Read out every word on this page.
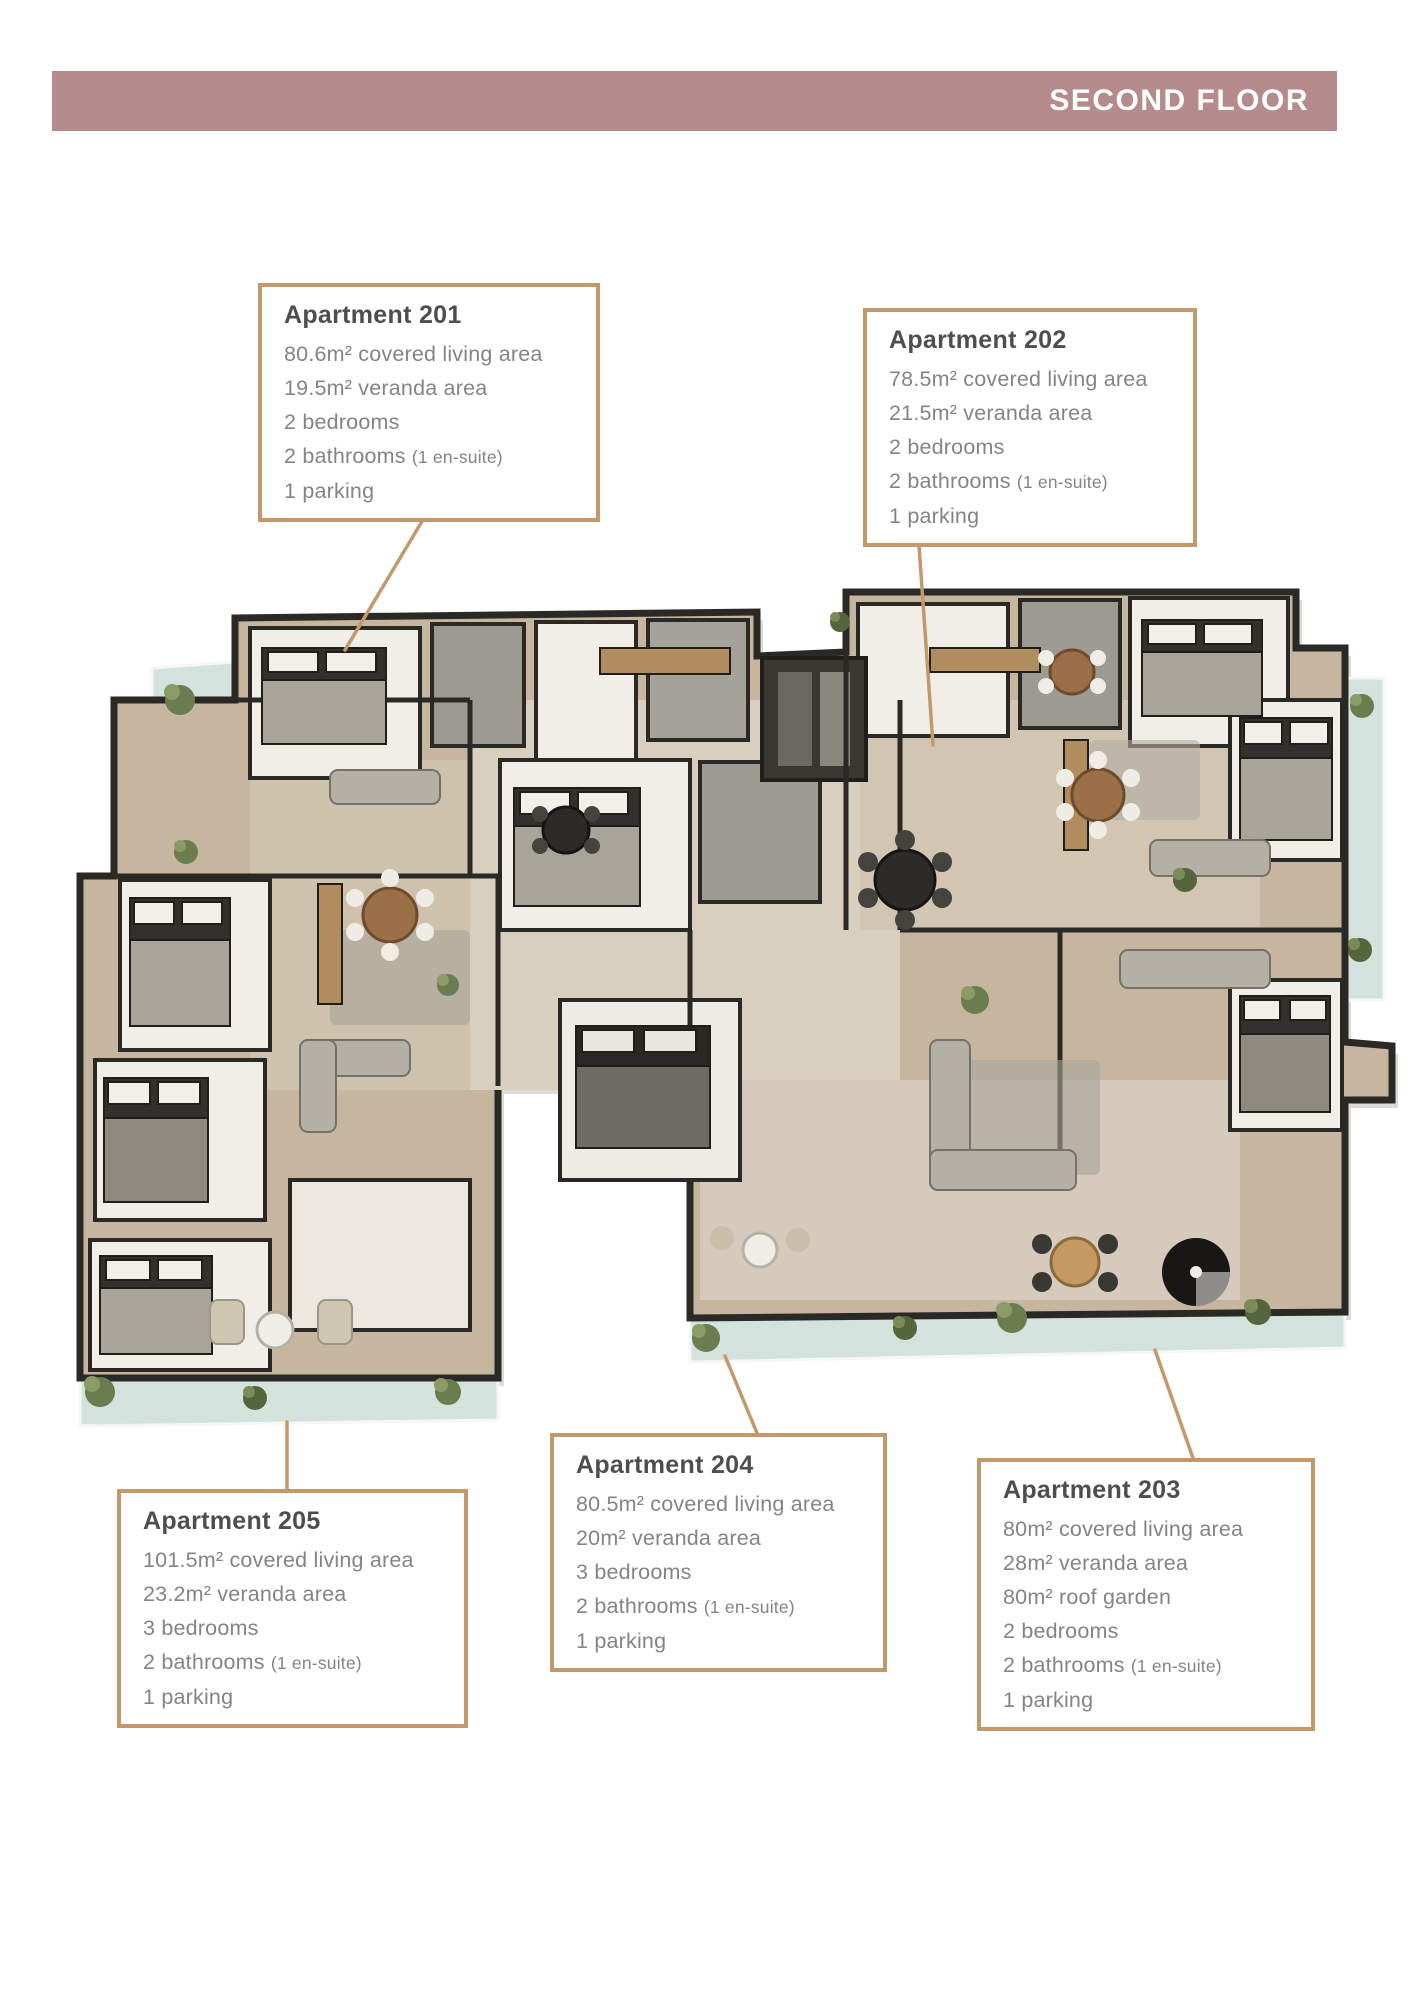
SECOND FLOOR
Apartment 201
80.6m² covered living area
19.5m² veranda area
2 bedrooms
2 bathrooms (1 en-suite)
1 parking
Apartment 202
78.5m² covered living area
21.5m² veranda area
2 bedrooms
2 bathrooms (1 en-suite)
1 parking
Apartment 203
80m² covered living area
28m² veranda area
80m² roof garden
2 bedrooms
2 bathrooms (1 en-suite)
1 parking
Apartment 204
80.5m² covered living area
20m² veranda area
3 bedrooms
2 bathrooms (1 en-suite)
1 parking
Apartment 205
101.5m² covered living area
23.2m² veranda area
3 bedrooms
2 bathrooms (1 en-suite)
1 parking
